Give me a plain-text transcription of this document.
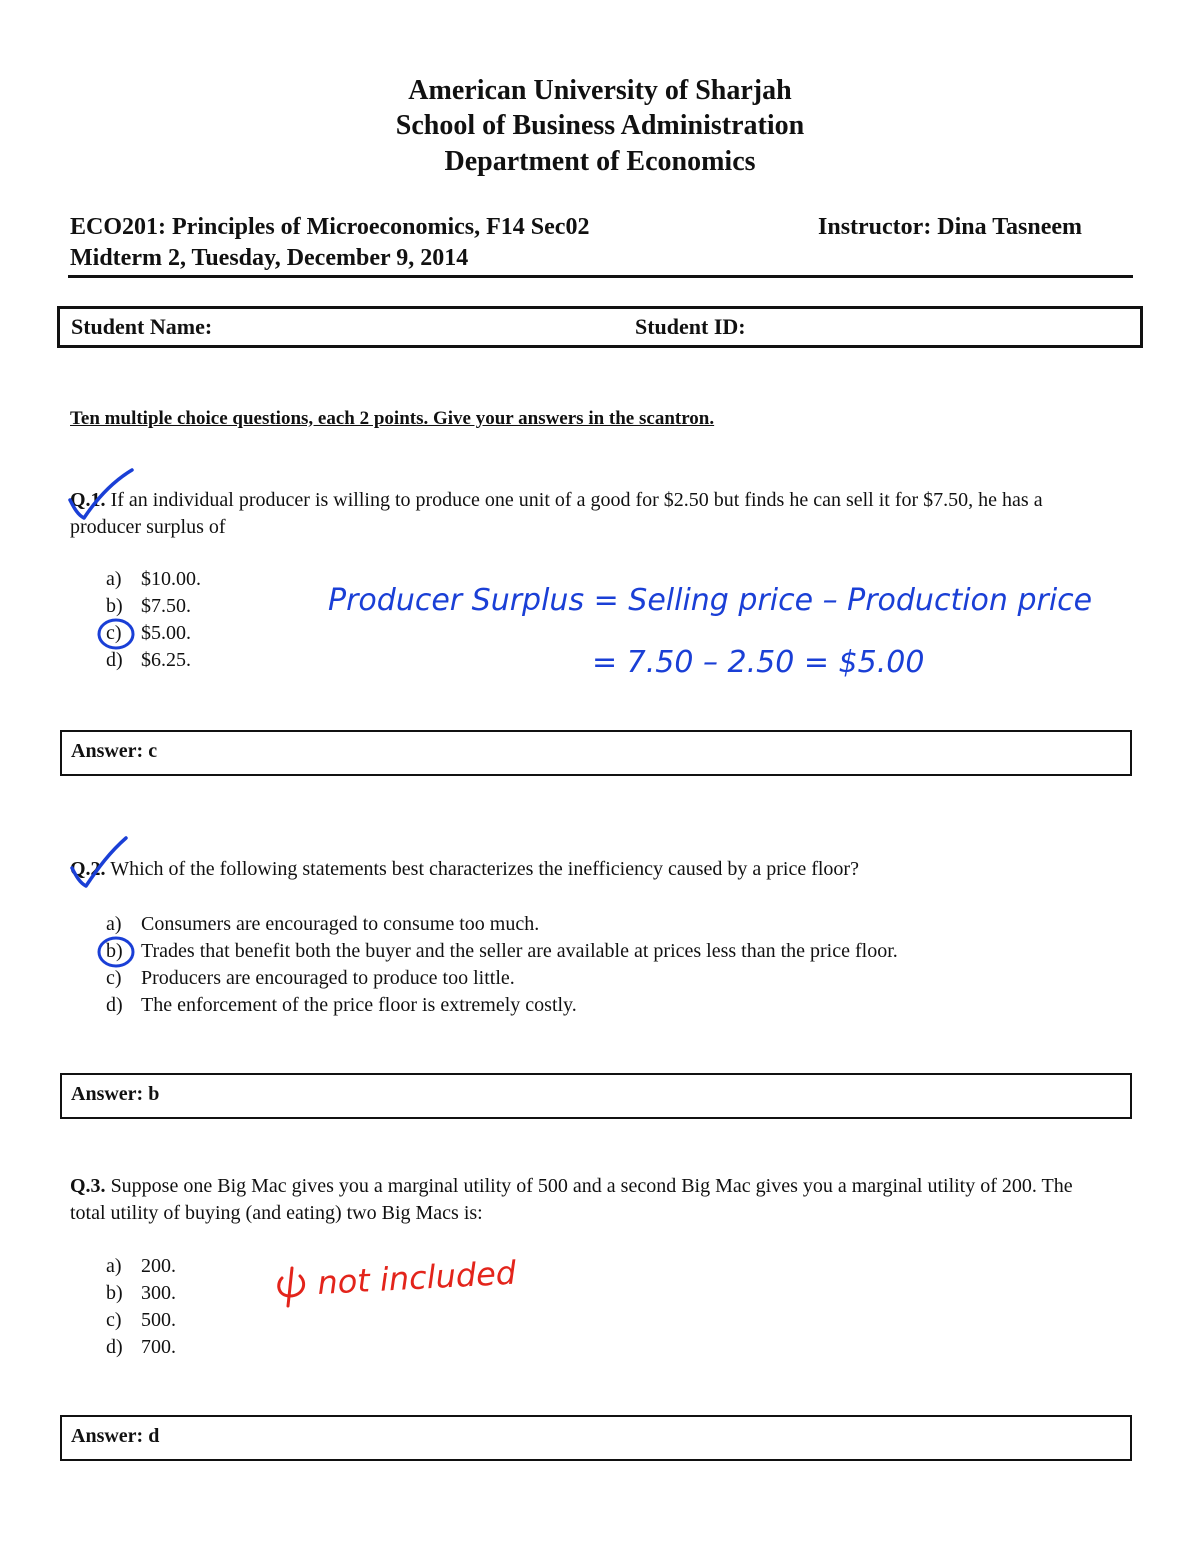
American University of Sharjah
School of Business Administration
Department of Economics
ECO201: Principles of Microeconomics, F14 Sec02
Midterm 2, Tuesday, December 9, 2014
Instructor: Dina Tasneem
Student Name:	Student ID:
Ten multiple choice questions, each 2 points. Give your answers in the scantron.
Q.1. If an individual producer is willing to produce one unit of a good for $2.50 but finds he can sell it for $7.50, he has a producer surplus of
a) $10.00.
b) $7.50.
c) $5.00.
d) $6.25.
Answer: c
Q.2. Which of the following statements best characterizes the inefficiency caused by a price floor?
a) Consumers are encouraged to consume too much.
b) Trades that benefit both the buyer and the seller are available at prices less than the price floor.
c) Producers are encouraged to produce too little.
d) The enforcement of the price floor is extremely costly.
Answer: b
Q.3. Suppose one Big Mac gives you a marginal utility of 500 and a second Big Mac gives you a marginal utility of 200. The total utility of buying (and eating) two Big Macs is:
a) 200.
b) 300.
c) 500.
d) 700.
Answer: d
Producer Surplus = Selling price – Production price
= 7.50 – 2.50 = $5.00
not included
